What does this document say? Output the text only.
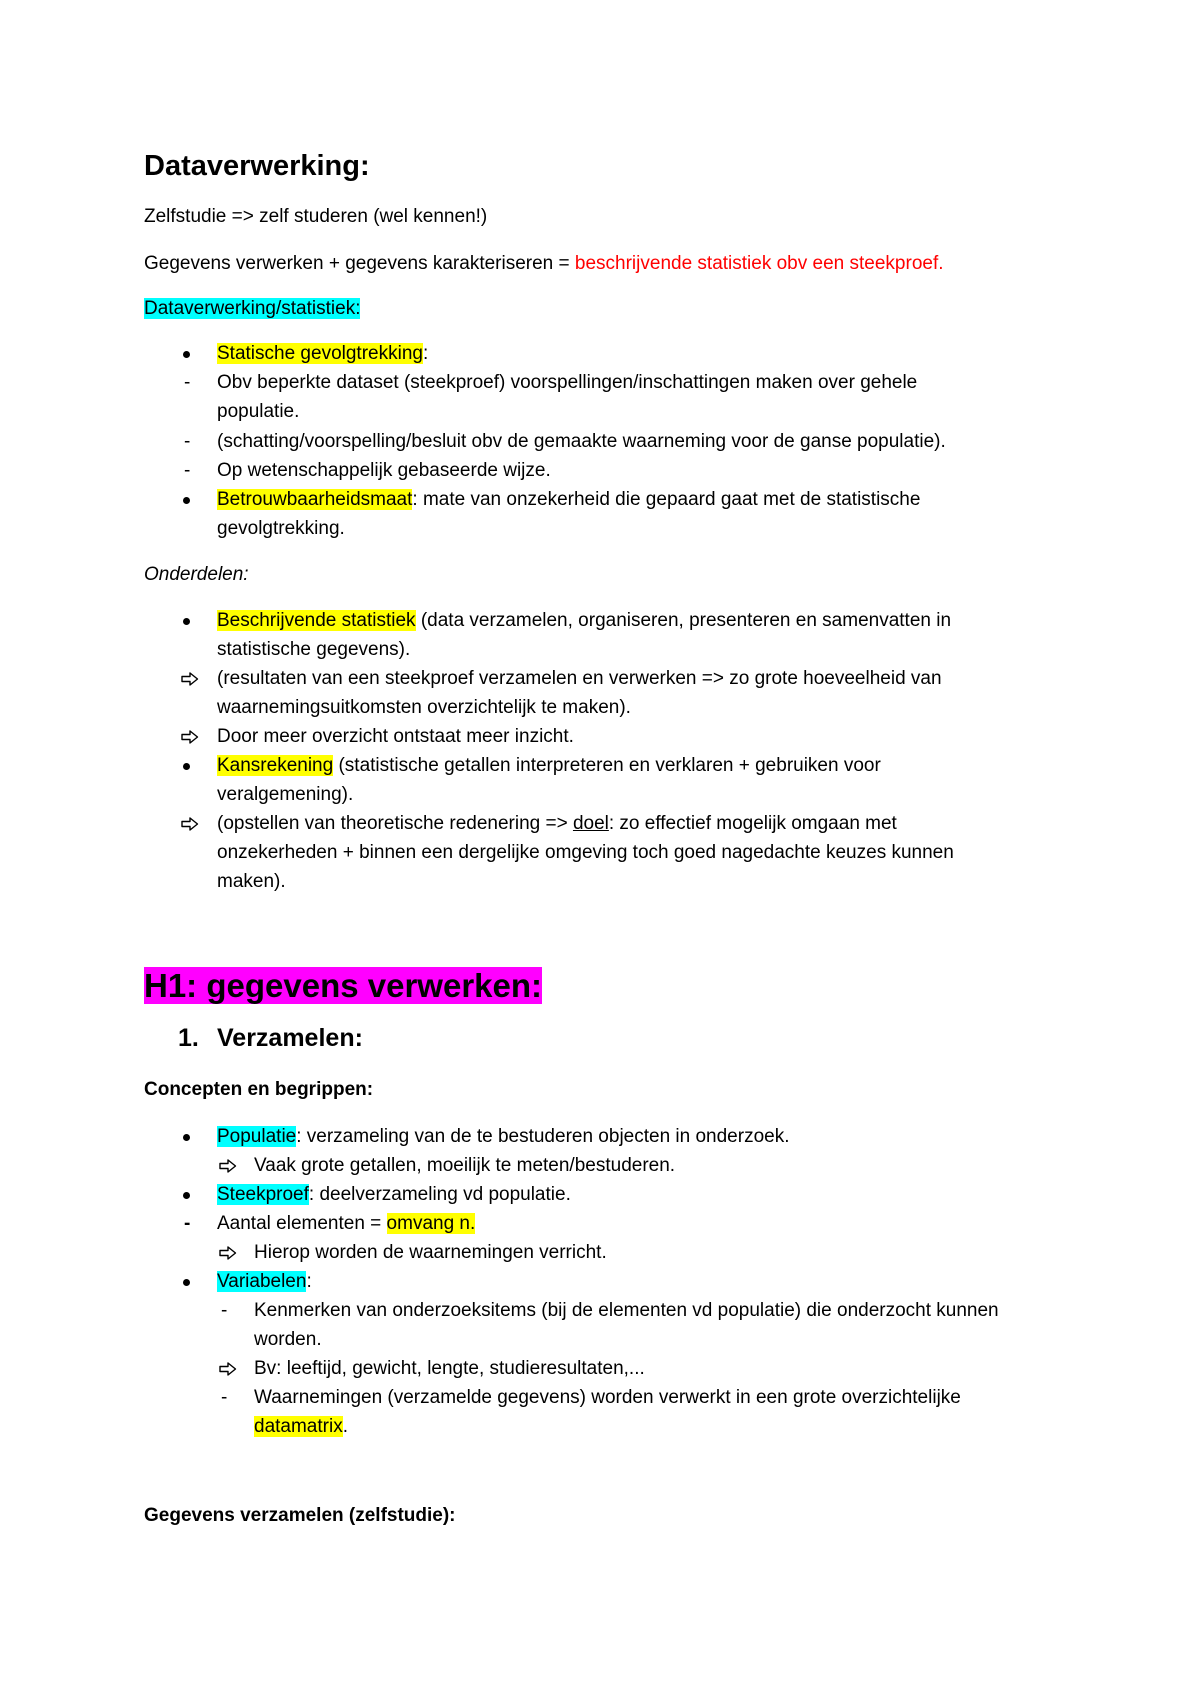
Dataverwerking:
Zelfstudie => zelf studeren (wel kennen!)
Gegevens verwerken + gegevens karakteriseren = beschrijvende statistiek obv een steekproef.
Dataverwerking/statistiek:
Statische gevolgtrekking:
- Obv beperkte dataset (steekproef) voorspellingen/inschattingen maken over gehele
populatie.
- (schatting/voorspelling/besluit obv de gemaakte waarneming voor de ganse populatie).
- Op wetenschappelijk gebaseerde wijze.
Betrouwbaarheidsmaat: mate van onzekerheid die gepaard gaat met de statistische
gevolgtrekking.
Onderdelen:
Beschrijvende statistiek (data verzamelen, organiseren, presenteren en samenvatten in
statistische gegevens).
(resultaten van een steekproef verzamelen en verwerken => zo grote hoeveelheid van
waarnemingsuitkomsten overzichtelijk te maken).
Door meer overzicht ontstaat meer inzicht.
Kansrekening (statistische getallen interpreteren en verklaren + gebruiken voor
veralgemening).
(opstellen van theoretische redenering => doel: zo effectief mogelijk omgaan met
onzekerheden + binnen een dergelijke omgeving toch goed nagedachte keuzes kunnen
maken).
H1: gegevens verwerken:
1. Verzamelen:
Concepten en begrippen:
Populatie: verzameling van de te bestuderen objecten in onderzoek.
Vaak grote getallen, moeilijk te meten/bestuderen.
Steekproef: deelverzameling vd populatie.
- Aantal elementen = omvang n.
Hierop worden de waarnemingen verricht.
Variabelen:
- Kenmerken van onderzoeksitems (bij de elementen vd populatie) die onderzocht kunnen
worden.
Bv: leeftijd, gewicht, lengte, studieresultaten,...
- Waarnemingen (verzamelde gegevens) worden verwerkt in een grote overzichtelijke
datamatrix.
Gegevens verzamelen (zelfstudie):
